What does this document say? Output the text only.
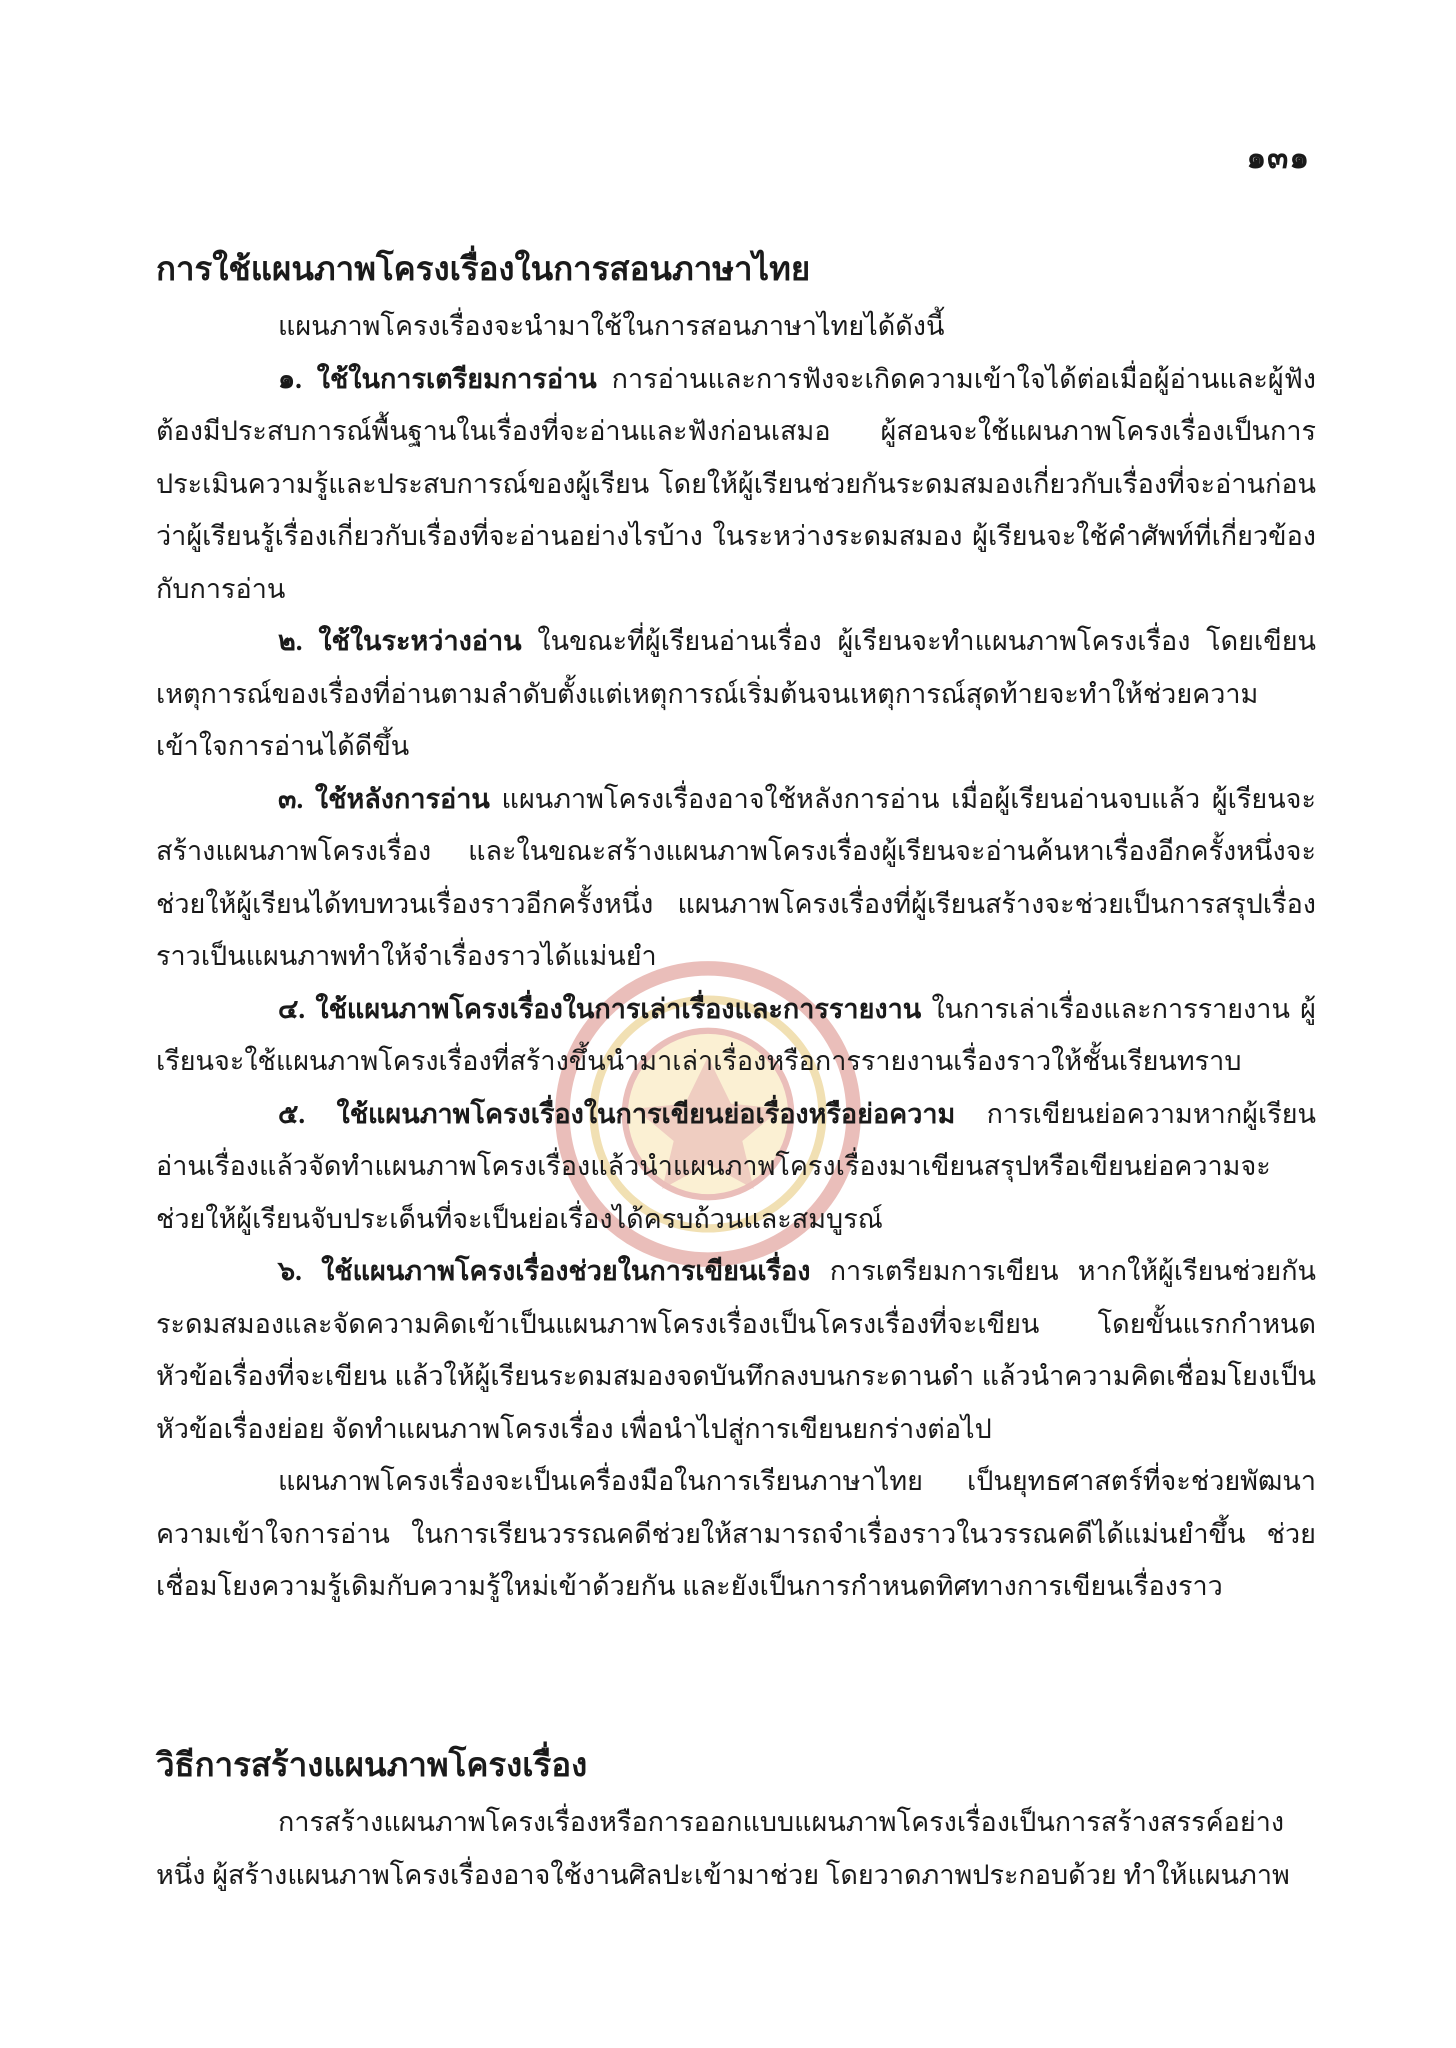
๑๓๑
การใช้แผนภาพโครงเรื่องในการสอนภาษาไทย

แผนภาพโครงเรื่องจะนำมาใช้ในการสอนภาษาไทยได้ดังนี้

๑. ใช้ในการเตรียมการอ่าน การอ่านและการฟังจะเกิดความเข้าใจได้ต่อเมื่อผู้อ่านและผู้ฟังต้องมีประสบการณ์พื้นฐานในเรื่องที่จะอ่านและฟังก่อนเสมอ ผู้สอนจะใช้แผนภาพโครงเรื่องเป็นการประเมินความรู้และประสบการณ์ของผู้เรียน โดยให้ผู้เรียนช่วยกันระดมสมองเกี่ยวกับเรื่องที่จะอ่านก่อนว่าผู้เรียนรู้เรื่องเกี่ยวกับเรื่องที่จะอ่านอย่างไรบ้าง ในระหว่างระดมสมอง ผู้เรียนจะใช้คำศัพท์ที่เกี่ยวข้องกับการอ่าน

๒. ใช้ในระหว่างอ่าน ในขณะที่ผู้เรียนอ่านเรื่อง ผู้เรียนจะทำแผนภาพโครงเรื่อง โดยเขียนเหตุการณ์ของเรื่องที่อ่านตามลำดับตั้งแต่เหตุการณ์เริ่มต้นจนเหตุการณ์สุดท้ายจะทำให้ช่วยความเข้าใจการอ่านได้ดีขึ้น

๓. ใช้หลังการอ่าน แผนภาพโครงเรื่องอาจใช้หลังการอ่าน เมื่อผู้เรียนอ่านจบแล้ว ผู้เรียนจะสร้างแผนภาพโครงเรื่อง และในขณะสร้างแผนภาพโครงเรื่องผู้เรียนจะอ่านค้นหาเรื่องอีกครั้งหนึ่งจะช่วยให้ผู้เรียนได้ทบทวนเรื่องราวอีกครั้งหนึ่ง แผนภาพโครงเรื่องที่ผู้เรียนสร้างจะช่วยเป็นการสรุปเรื่องราวเป็นแผนภาพทำให้จำเรื่องราวได้แม่นยำ

๔. ใช้แผนภาพโครงเรื่องในการเล่าเรื่องและการรายงาน ในการเล่าเรื่องและการรายงาน ผู้เรียนจะใช้แผนภาพโครงเรื่องที่สร้างขึ้นนำมาเล่าเรื่องหรือการรายงานเรื่องราวให้ชั้นเรียนทราบ

๕. ใช้แผนภาพโครงเรื่องในการเขียนย่อเรื่องหรือย่อความ การเขียนย่อความหากผู้เรียนอ่านเรื่องแล้วจัดทำแผนภาพโครงเรื่องแล้วนำแผนภาพโครงเรื่องมาเขียนสรุปหรือเขียนย่อความจะช่วยให้ผู้เรียนจับประเด็นที่จะเป็นย่อเรื่องได้ครบถ้วนและสมบูรณ์

๖. ใช้แผนภาพโครงเรื่องช่วยในการเขียนเรื่อง การเตรียมการเขียน หากให้ผู้เรียนช่วยกันระดมสมองและจัดความคิดเข้าเป็นแผนภาพโครงเรื่องเป็นโครงเรื่องที่จะเขียน โดยขั้นแรกกำหนดหัวข้อเรื่องที่จะเขียน แล้วให้ผู้เรียนระดมสมองจดบันทึกลงบนกระดานดำ แล้วนำความคิดเชื่อมโยงเป็นหัวข้อเรื่องย่อย จัดทำแผนภาพโครงเรื่อง เพื่อนำไปสู่การเขียนยกร่างต่อไป

แผนภาพโครงเรื่องจะเป็นเครื่องมือในการเรียนภาษาไทย เป็นยุทธศาสตร์ที่จะช่วยพัฒนาความเข้าใจการอ่าน ในการเรียนวรรณคดีช่วยให้สามารถจำเรื่องราวในวรรณคดีได้แม่นยำขึ้น ช่วยเชื่อมโยงความรู้เดิมกับความรู้ใหม่เข้าด้วยกัน และยังเป็นการกำหนดทิศทางการเขียนเรื่องราว

วิธีการสร้างแผนภาพโครงเรื่อง

การสร้างแผนภาพโครงเรื่องหรือการออกแบบแผนภาพโครงเรื่องเป็นการสร้างสรรค์อย่างหนึ่ง ผู้สร้างแผนภาพโครงเรื่องอาจใช้งานศิลปะเข้ามาช่วย โดยวาดภาพประกอบด้วย ทำให้แผนภาพ
